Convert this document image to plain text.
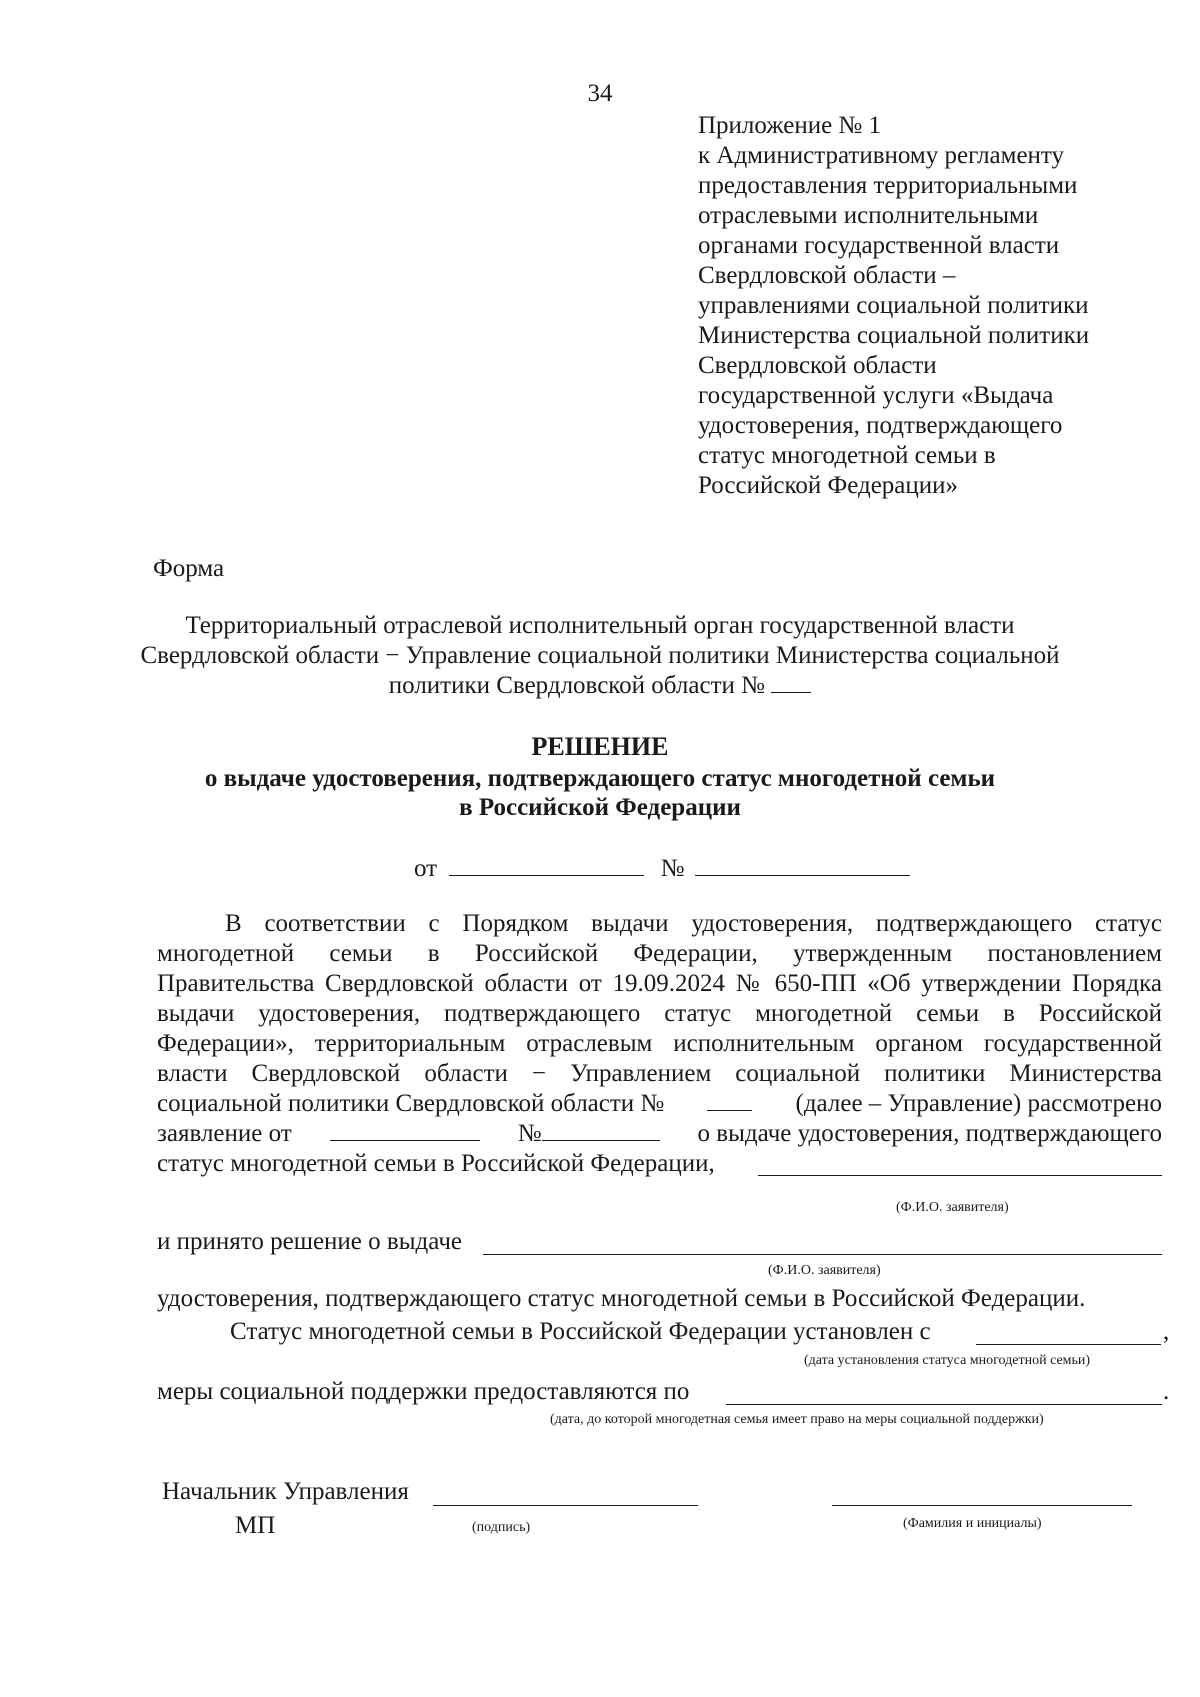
34
Приложение № 1
к Административному регламенту
предоставления территориальными
отраслевыми исполнительными
органами государственной власти
Свердловской области –
управлениями социальной политики
Министерства социальной политики
Свердловской области
государственной услуги «Выдача
удостоверения, подтверждающего
статус многодетной семьи в
Российской Федерации»
Форма
Территориальный отраслевой исполнительный орган государственной власти
Свердловской области − Управление социальной политики Министерства социальной
политики Свердловской области №
РЕШЕНИЕ
о выдаче удостоверения, подтверждающего статус многодетной семьи
в Российской Федерации
от	№
В соответствии с Порядком выдачи удостоверения, подтверждающего статус
многодетной семьи в Российской Федерации, утвержденным постановлением
Правительства Свердловской области от 19.09.2024 № 650-ПП «Об утверждении Порядка
выдачи удостоверения, подтверждающего статус многодетной семьи в Российской
Федерации», территориальным отраслевым исполнительным органом государственной
власти Свердловской области − Управлением социальной политики Министерства
социальной политики Свердловской области №	(далее – Управление) рассмотрено
заявление от	№	о выдаче удостоверения, подтверждающего
статус многодетной семьи в Российской Федерации,
(Ф.И.О. заявителя)
и принято решение о выдаче
(Ф.И.О. заявителя)
удостоверения, подтверждающего статус многодетной семьи в Российской Федерации.
Статус многодетной семьи в Российской Федерации установлен с	,
(дата установления статуса многодетной семьи)
меры социальной поддержки предоставляются по	.
(дата, до которой многодетная семья имеет право на меры социальной поддержки)
Начальник Управления
МП	(подпись)	(Фамилия и инициалы)
